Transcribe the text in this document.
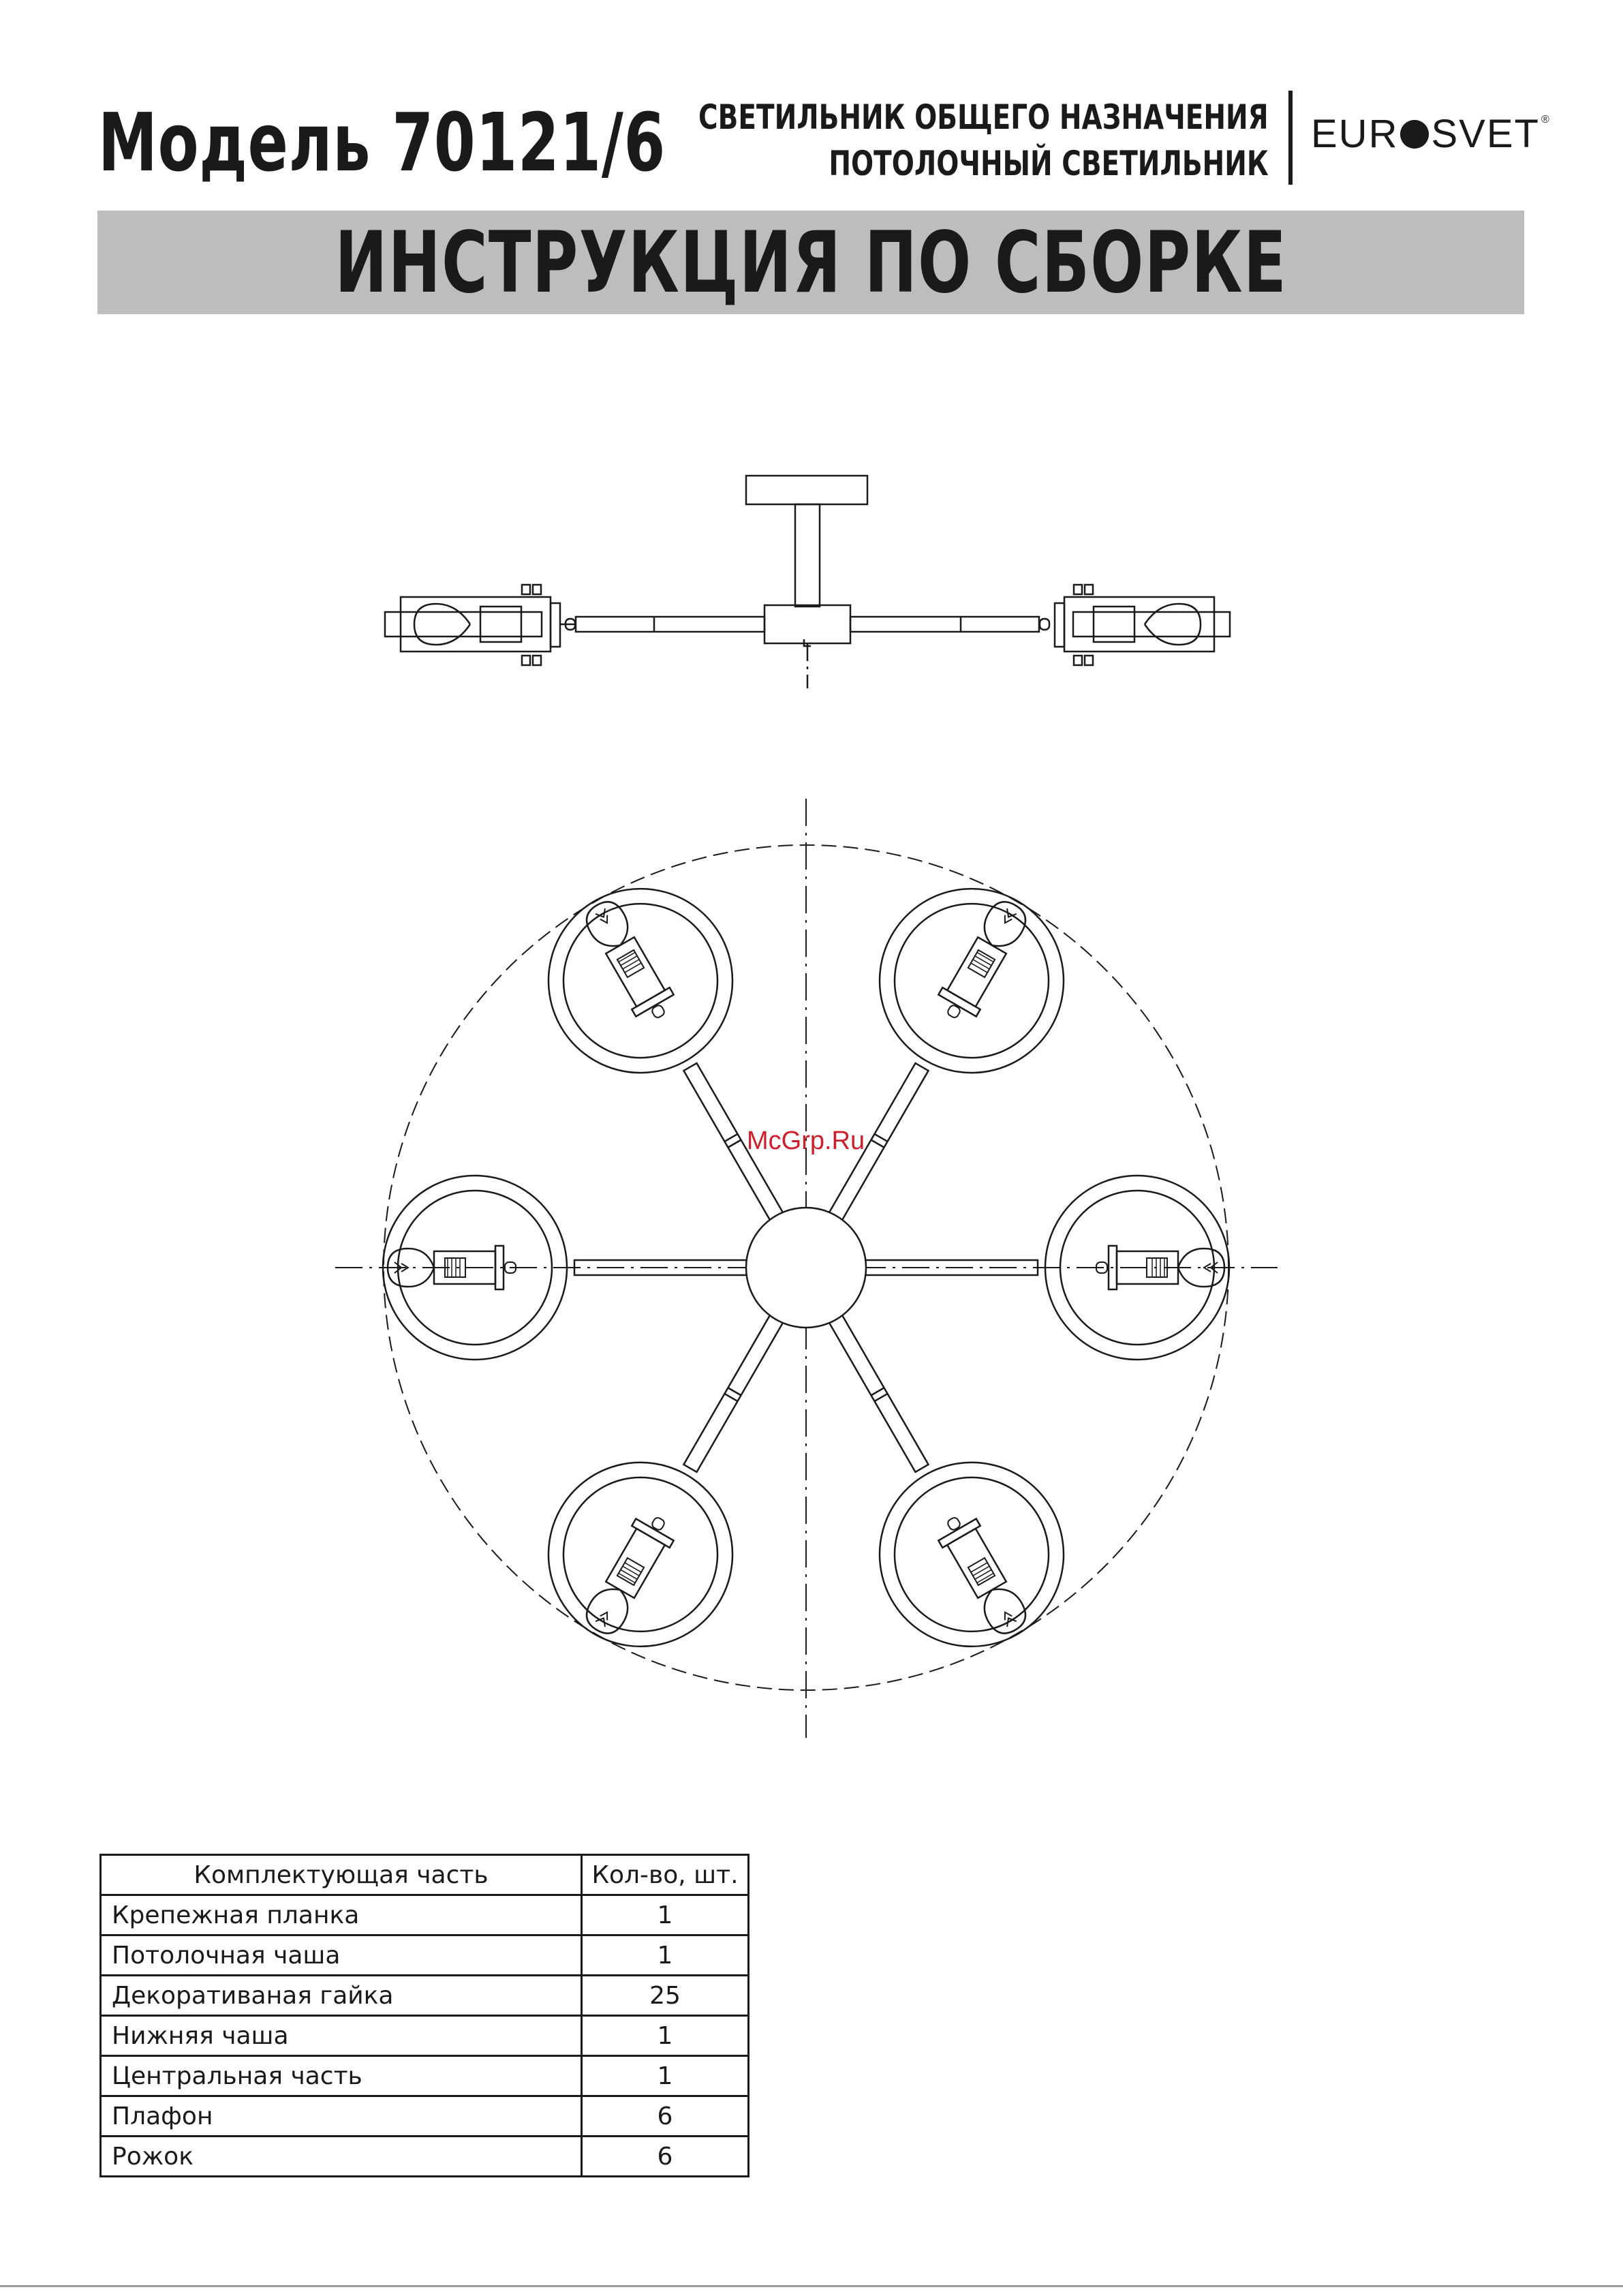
Модель 70121/6 СВЕТИЛЬНИК ОБЩЕГО НАЗНАЧЕНИЯ
ПОТОЛОЧНЫЙ СВЕТИЛЬНИК
EUR SVET ®
ИНСТРУКЦИЯ ПО СБОРКЕ
McGrp.Ru
Комплектующая часть	Кол-во, шт.
Крепежная планка	1
Потолочная чаша	1
Декоративаная гайка	25
Нижняя чаша	1
Центральная часть	1
Плафон	6
Рожок	6
